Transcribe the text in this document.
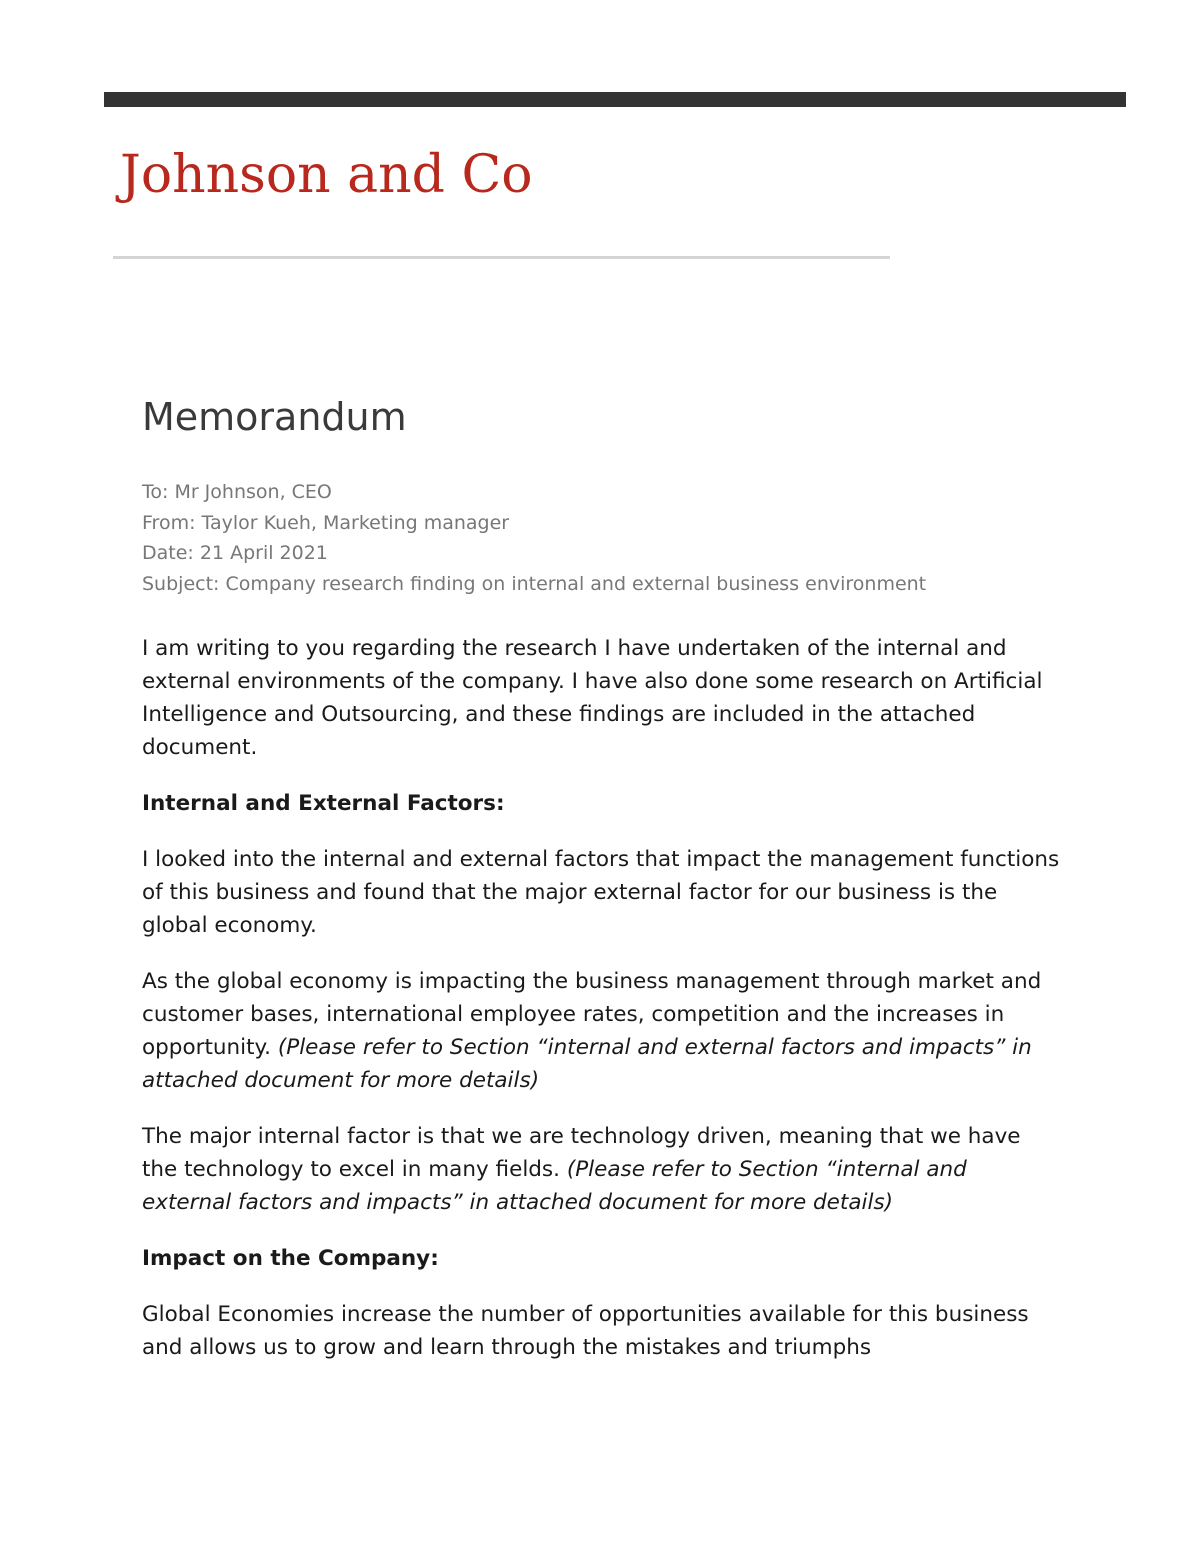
Johnson and Co
Memorandum
To: Mr Johnson, CEO
From: Taylor Kueh, Marketing manager
Date: 21 April 2021
Subject: Company research finding on internal and external business environment

I am writing to you regarding the research I have undertaken of the internal and external environments of the company. I have also done some research on Artificial Intelligence and Outsourcing, and these findings are included in the attached document.

Internal and External Factors:

I looked into the internal and external factors that impact the management functions of this business and found that the major external factor for our business is the global economy.

As the global economy is impacting the business management through market and customer bases, international employee rates, competition and the increases in opportunity. (Please refer to Section “internal and external factors and impacts” in attached document for more details)

The major internal factor is that we are technology driven, meaning that we have the technology to excel in many fields. (Please refer to Section “internal and external factors and impacts” in attached document for more details)

Impact on the Company:

Global Economies increase the number of opportunities available for this business and allows us to grow and learn through the mistakes and triumphs
